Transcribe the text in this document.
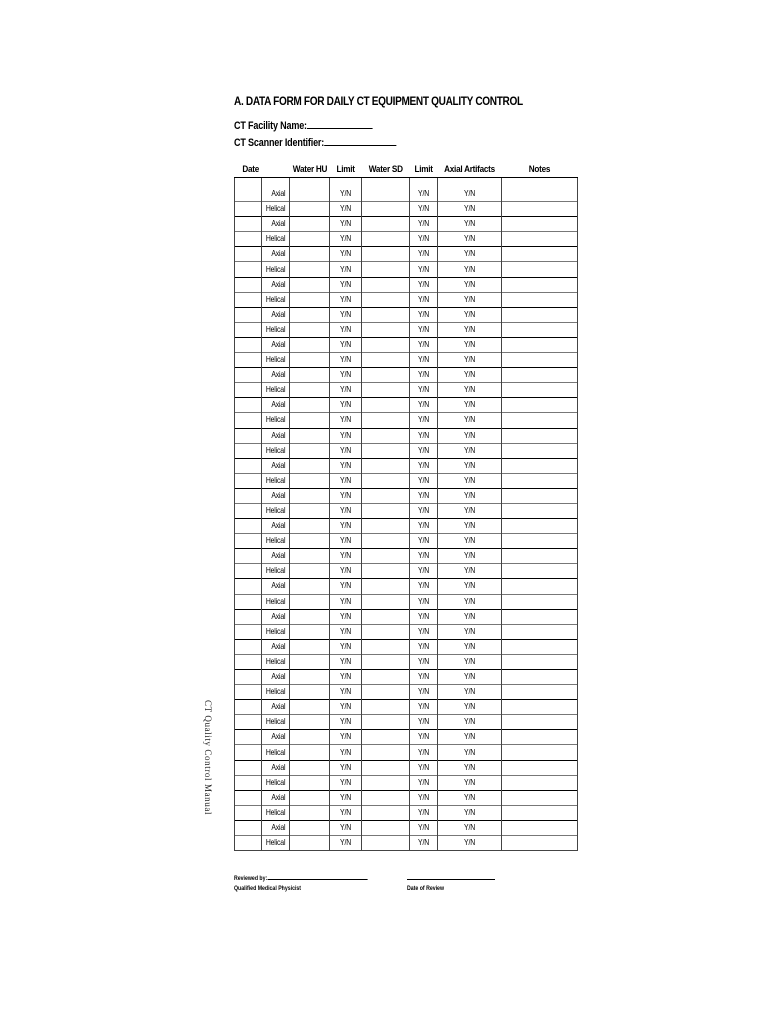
A. DATA FORM FOR DAILY CT EQUIPMENT QUALITY CONTROL
CT Facility Name:
CT Scanner Identifier:
Date		Water HU	Limit	Water SD	Limit	Axial Artifacts	Notes
	Axial		Y/N		Y/N	Y/N	
	Helical		Y/N		Y/N	Y/N	
	Axial		Y/N		Y/N	Y/N	
	Helical		Y/N		Y/N	Y/N	
	Axial		Y/N		Y/N	Y/N	
	Helical		Y/N		Y/N	Y/N	
	Axial		Y/N		Y/N	Y/N	
	Helical		Y/N		Y/N	Y/N	
	Axial		Y/N		Y/N	Y/N	
	Helical		Y/N		Y/N	Y/N	
	Axial		Y/N		Y/N	Y/N	
	Helical		Y/N		Y/N	Y/N	
	Axial		Y/N		Y/N	Y/N	
	Helical		Y/N		Y/N	Y/N	
	Axial		Y/N		Y/N	Y/N	
	Helical		Y/N		Y/N	Y/N	
	Axial		Y/N		Y/N	Y/N	
	Helical		Y/N		Y/N	Y/N	
	Axial		Y/N		Y/N	Y/N	
	Helical		Y/N		Y/N	Y/N	
	Axial		Y/N		Y/N	Y/N	
	Helical		Y/N		Y/N	Y/N	
	Axial		Y/N		Y/N	Y/N	
	Helical		Y/N		Y/N	Y/N	
	Axial		Y/N		Y/N	Y/N	
	Helical		Y/N		Y/N	Y/N	
	Axial		Y/N		Y/N	Y/N	
	Helical		Y/N		Y/N	Y/N	
	Axial		Y/N		Y/N	Y/N	
	Helical		Y/N		Y/N	Y/N	
	Axial		Y/N		Y/N	Y/N	
	Helical		Y/N		Y/N	Y/N	
	Axial		Y/N		Y/N	Y/N	
	Helical		Y/N		Y/N	Y/N	
	Axial		Y/N		Y/N	Y/N	
	Helical		Y/N		Y/N	Y/N	
	Axial		Y/N		Y/N	Y/N	
	Helical		Y/N		Y/N	Y/N	
	Axial		Y/N		Y/N	Y/N	
	Helical		Y/N		Y/N	Y/N	
	Axial		Y/N		Y/N	Y/N	
	Helical		Y/N		Y/N	Y/N	
	Axial		Y/N		Y/N	Y/N	
	Helical		Y/N		Y/N	Y/N	
CT Quality Control Manual
Reviewed by:
Qualified Medical Physicist	Date of Review
